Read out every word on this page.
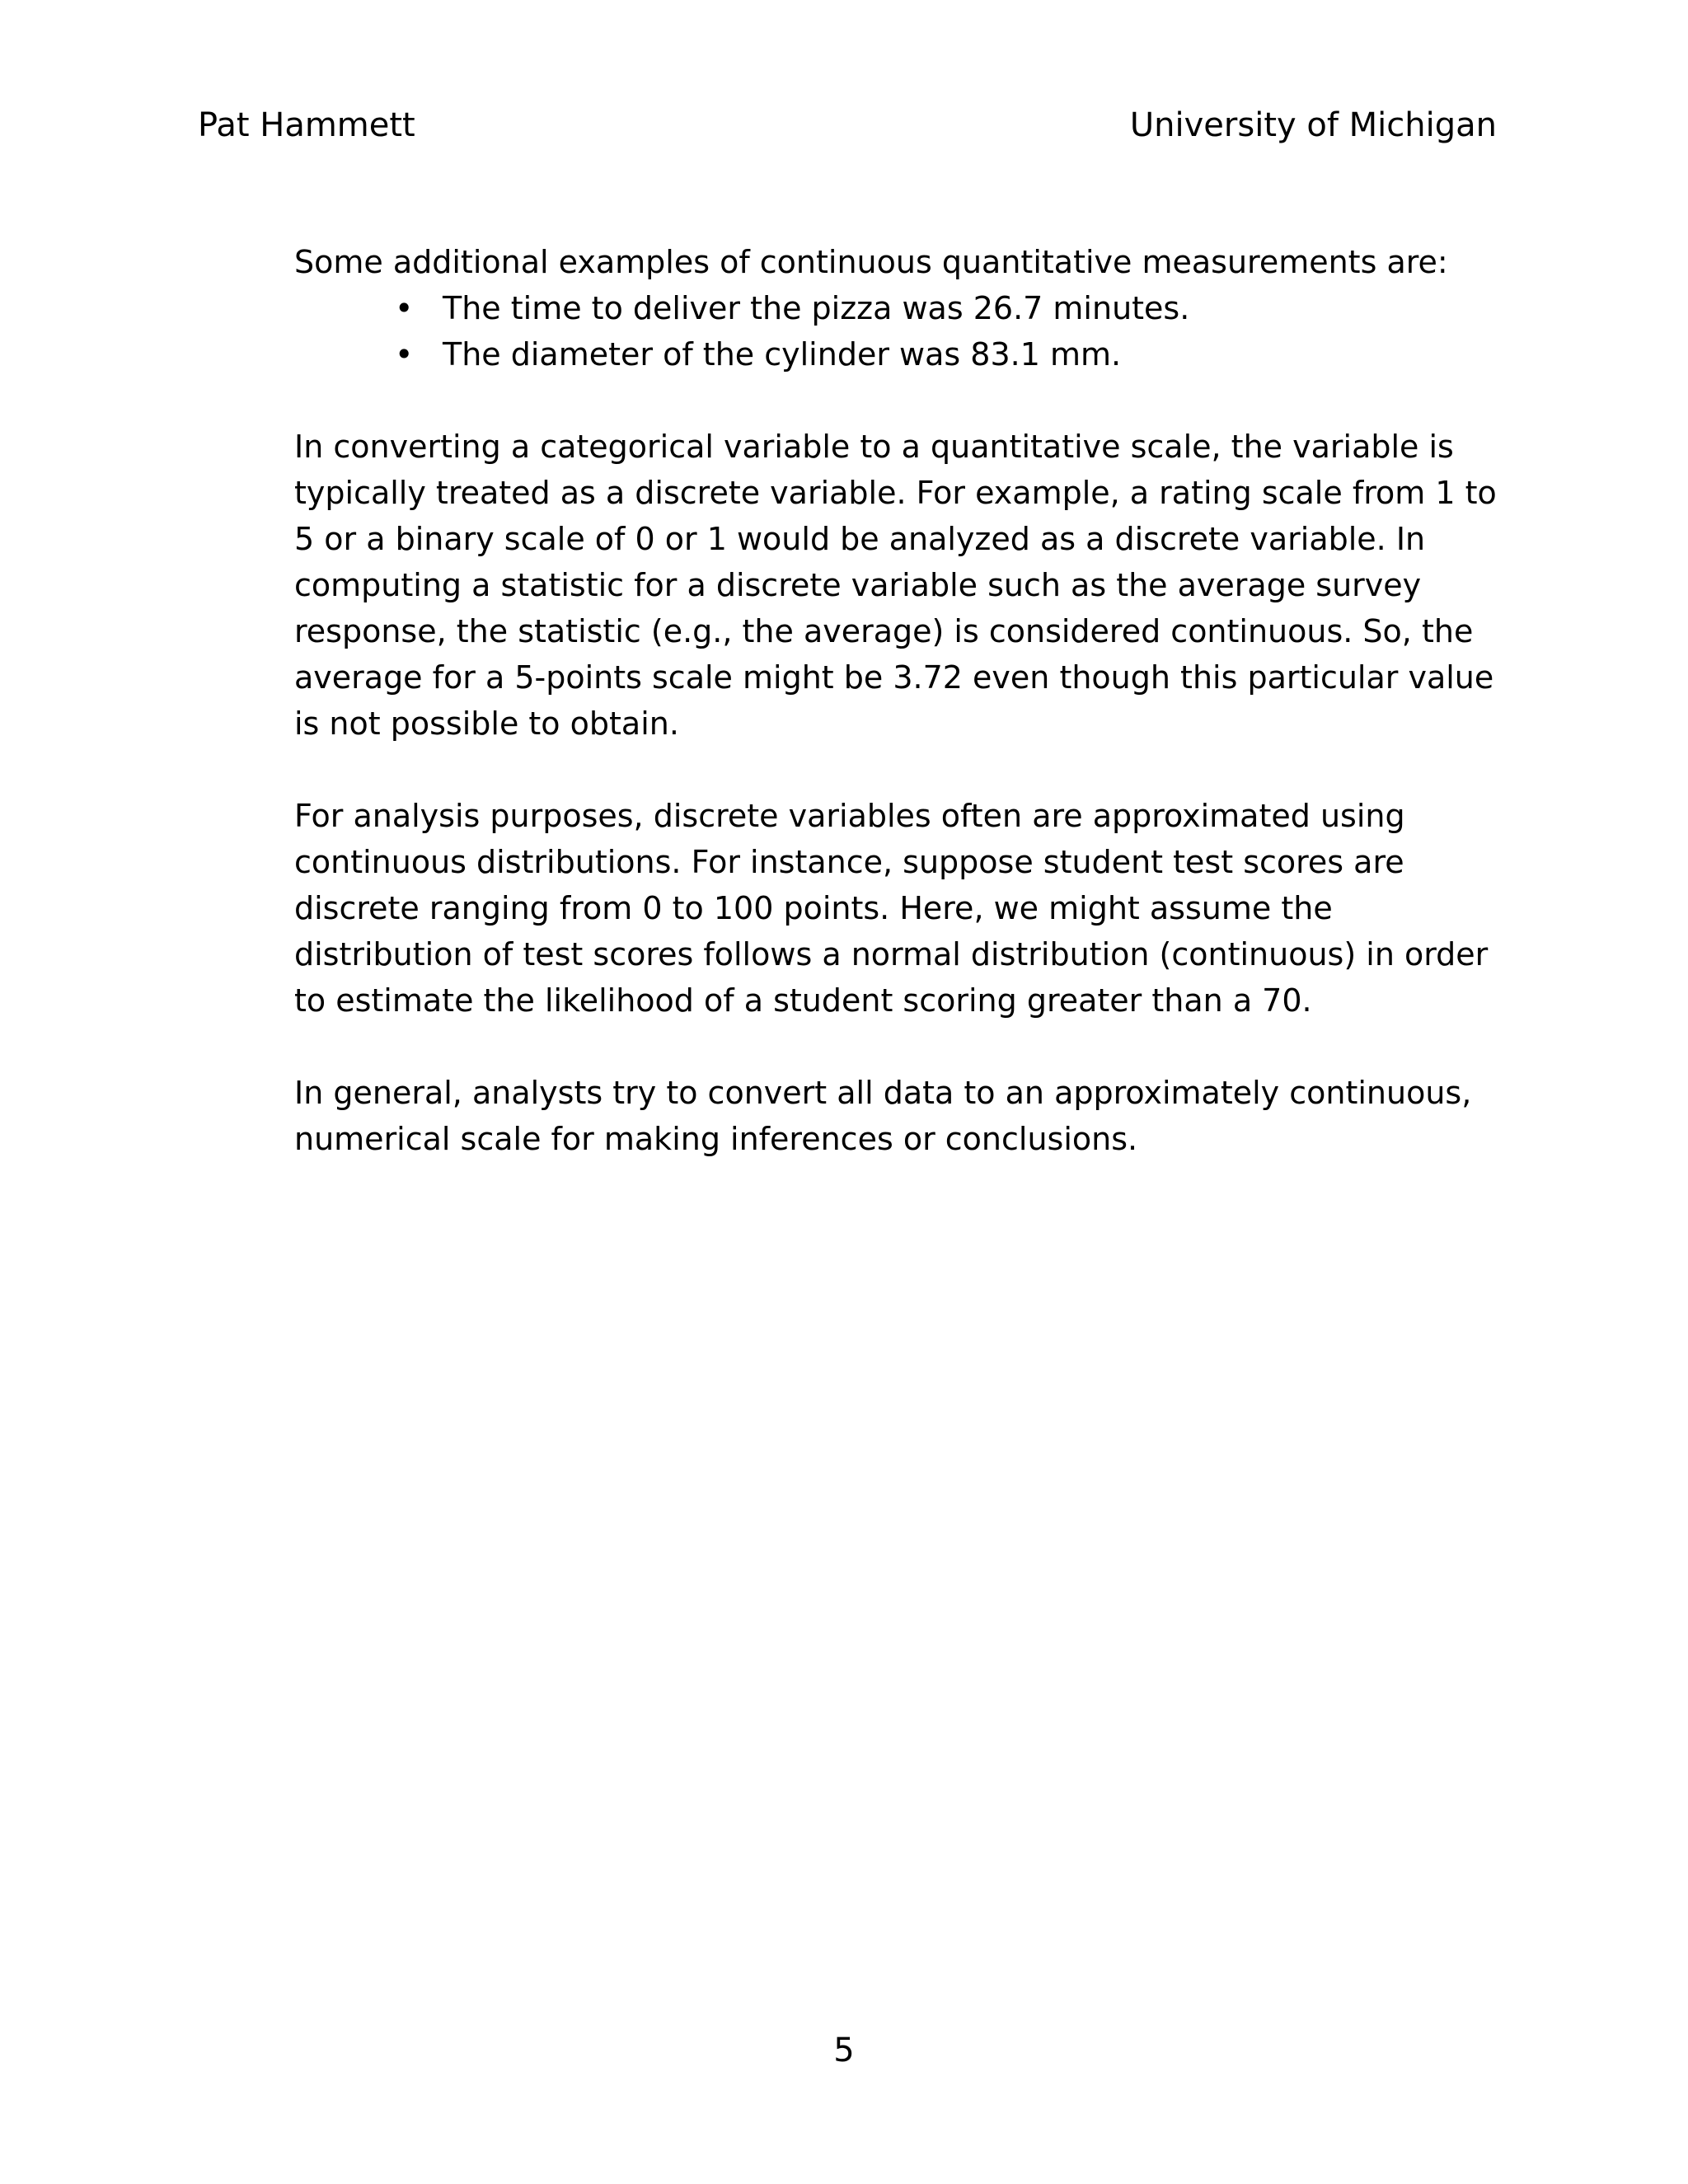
Pat Hammett	University of Michigan

Some additional examples of continuous quantitative measurements are:

• The time to deliver the pizza was 26.7 minutes.
• The diameter of the cylinder was 83.1 mm.

In converting a categorical variable to a quantitative scale, the variable is typically treated as a discrete variable. For example, a rating scale from 1 to 5 or a binary scale of 0 or 1 would be analyzed as a discrete variable. In computing a statistic for a discrete variable such as the average survey response, the statistic (e.g., the average) is considered continuous. So, the average for a 5-points scale might be 3.72 even though this particular value is not possible to obtain.

For analysis purposes, discrete variables often are approximated using continuous distributions. For instance, suppose student test scores are discrete ranging from 0 to 100 points. Here, we might assume the distribution of test scores follows a normal distribution (continuous) in order to estimate the likelihood of a student scoring greater than a 70.

In general, analysts try to convert all data to an approximately continuous, numerical scale for making inferences or conclusions.

5
